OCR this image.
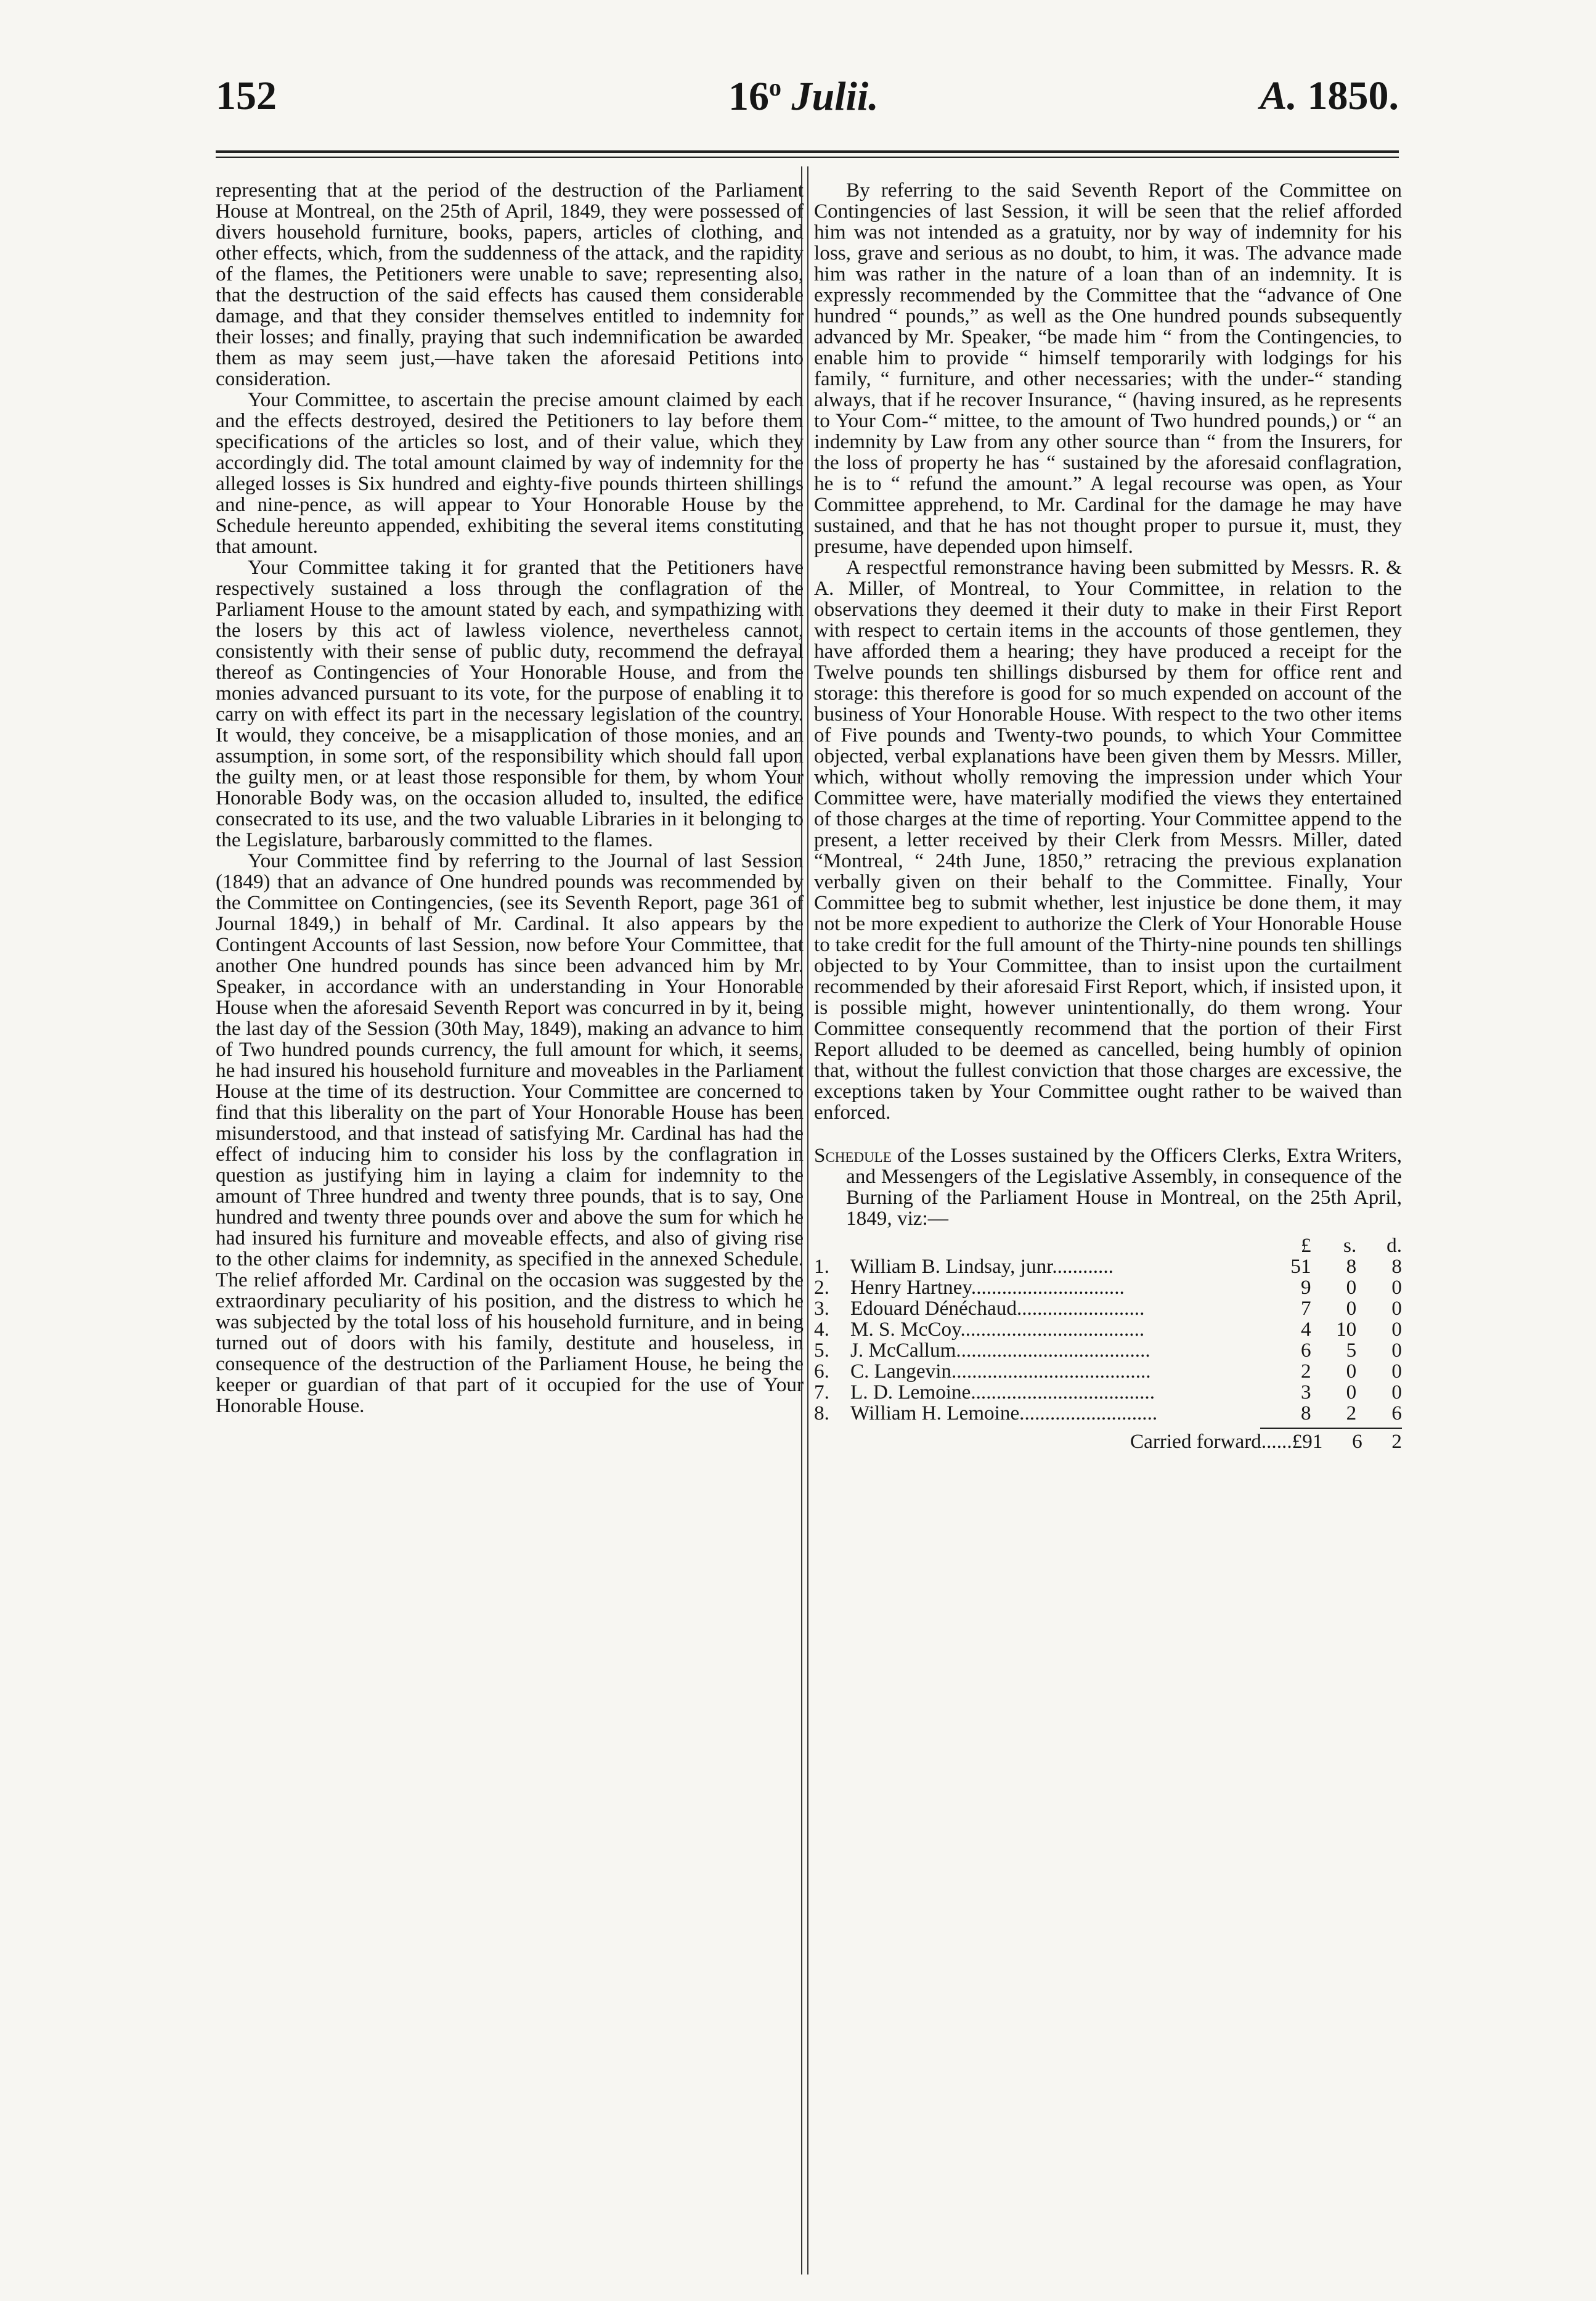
152	16$^o$ Julii.	A. 1850.

representing that at the period of the destruction of the Parliament House at Montreal, on the 25th of April, 1849, they were possessed of divers household furniture, books, papers, articles of clothing, and other effects, which, from the suddenness of the attack, and the rapidity of the flames, the Petitioners were unable to save; representing also, that the destruction of the said effects has caused them considerable damage, and that they consider themselves entitled to indemnity for their losses; and finally, praying that such indemnification be awarded them as may seem just,—have taken the aforesaid Petitions into consideration.

Your Committee, to ascertain the precise amount claimed by each and the effects destroyed, desired the Petitioners to lay before them specifications of the articles so lost, and of their value, which they accordingly did. The total amount claimed by way of indemnity for the alleged losses is Six hundred and eighty-five pounds thirteen shillings and nine-pence, as will appear to Your Honorable House by the Schedule hereunto appended, exhibiting the several items constituting that amount.

Your Committee taking it for granted that the Petitioners have respectively sustained a loss through the conflagration of the Parliament House to the amount stated by each, and sympathizing with the losers by this act of lawless violence, nevertheless cannot, consistently with their sense of public duty, recommend the defrayal thereof as Contingencies of Your Honorable House, and from the monies advanced pursuant to its vote, for the purpose of enabling it to carry on with effect its part in the necessary legislation of the country. It would, they conceive, be a misapplication of those monies, and an assumption, in some sort, of the responsibility which should fall upon the guilty men, or at least those responsible for them, by whom Your Honorable Body was, on the occasion alluded to, insulted, the edifice consecrated to its use, and the two valuable Libraries in it belonging to the Legislature, barbarously committed to the flames.

Your Committee find by referring to the Journal of last Session (1849) that an advance of One hundred pounds was recommended by the Committee on Contingencies, (see its Seventh Report, page 361 of Journal 1849,) in behalf of Mr. Cardinal. It also appears by the Contingent Accounts of last Session, now before Your Committee, that another One hundred pounds has since been advanced him by Mr. Speaker, in accordance with an understanding in Your Honorable House when the aforesaid Seventh Report was concurred in by it, being the last day of the Session (30th May, 1849), making an advance to him of Two hundred pounds currency, the full amount for which, it seems, he had insured his household furniture and moveables in the Parliament House at the time of its destruction. Your Committee are concerned to find that this liberality on the part of Your Honorable House has been misunderstood, and that instead of satisfying Mr. Cardinal has had the effect of inducing him to consider his loss by the conflagration in question as justifying him in laying a claim for indemnity to the amount of Three hundred and twenty three pounds, that is to say, One hundred and twenty three pounds over and above the sum for which he had insured his furniture and moveable effects, and also of giving rise to the other claims for indemnity, as specified in the annexed Schedule. The relief afforded Mr. Cardinal on the occasion was suggested by the extraordinary peculiarity of his position, and the distress to which he was subjected by the total loss of his household furniture, and in being turned out of doors with his family, destitute and houseless, in consequence of the destruction of the Parliament House, he being the keeper or guardian of that part of it occupied for the use of Your Honorable House.

By referring to the said Seventh Report of the Committee on Contingencies of last Session, it will be seen that the relief afforded him was not intended as a gratuity, nor by way of indemnity for his loss, grave and serious as no doubt, to him, it was. The advance made him was rather in the nature of a loan than of an indemnity. It is expressly recommended by the Committee that the “advance of One hundred “ pounds,” as well as the One hundred pounds subsequently advanced by Mr. Speaker, “be made him “ from the Contingencies, to enable him to provide “ himself temporarily with lodgings for his family, “ furniture, and other necessaries; with the under-“ standing always, that if he recover Insurance, “ (having insured, as he represents to Your Com-“ mittee, to the amount of Two hundred pounds,) or “ an indemnity by Law from any other source than “ from the Insurers, for the loss of property he has “ sustained by the aforesaid conflagration, he is to “ refund the amount.” A legal recourse was open, as Your Committee apprehend, to Mr. Cardinal for the damage he may have sustained, and that he has not thought proper to pursue it, must, they presume, have depended upon himself.

A respectful remonstrance having been submitted by Messrs. R. & A. Miller, of Montreal, to Your Committee, in relation to the observations they deemed it their duty to make in their First Report with respect to certain items in the accounts of those gentlemen, they have afforded them a hearing; they have produced a receipt for the Twelve pounds ten shillings disbursed by them for office rent and storage: this therefore is good for so much expended on account of the business of Your Honorable House. With respect to the two other items of Five pounds and Twenty-two pounds, to which Your Committee objected, verbal explanations have been given them by Messrs. Miller, which, without wholly removing the impression under which Your Committee were, have materially modified the views they entertained of those charges at the time of reporting. Your Committee append to the present, a letter received by their Clerk from Messrs. Miller, dated “Montreal, “ 24th June, 1850,” retracing the previous explanation verbally given on their behalf to the Committee. Finally, Your Committee beg to submit whether, lest injustice be done them, it may not be more expedient to authorize the Clerk of Your Honorable House to take credit for the full amount of the Thirty-nine pounds ten shillings objected to by Your Committee, than to insist upon the curtailment recommended by their aforesaid First Report, which, if insisted upon, it is possible might, however unintentionally, do them wrong. Your Committee consequently recommend that the portion of their First Report alluded to be deemed as cancelled, being humbly of opinion that, without the fullest conviction that those charges are excessive, the exceptions taken by Your Committee ought rather to be waived than enforced.

Schedule of the Losses sustained by the Officers Clerks, Extra Writers, and Messengers of the Legislative Assembly, in consequence of the Burning of the Parliament House in Montreal, on the 25th April, 1849, viz:—

		£	s.	d.
1.	William B. Lindsay, junr............	51	8	8
2.	Henry Hartney..............................	9	0	0
3.	Edouard Dénéchaud.........................	7	0	0
4.	M. S. McCoy....................................	4	10	0
5.	J. McCallum......................................	6	5	0
6.	C. Langevin.......................................	2	0	0
7.	L. D. Lemoine....................................	3	0	0
8.	William H. Lemoine...........................	8	2	6
Carried forward......£91 6 2
